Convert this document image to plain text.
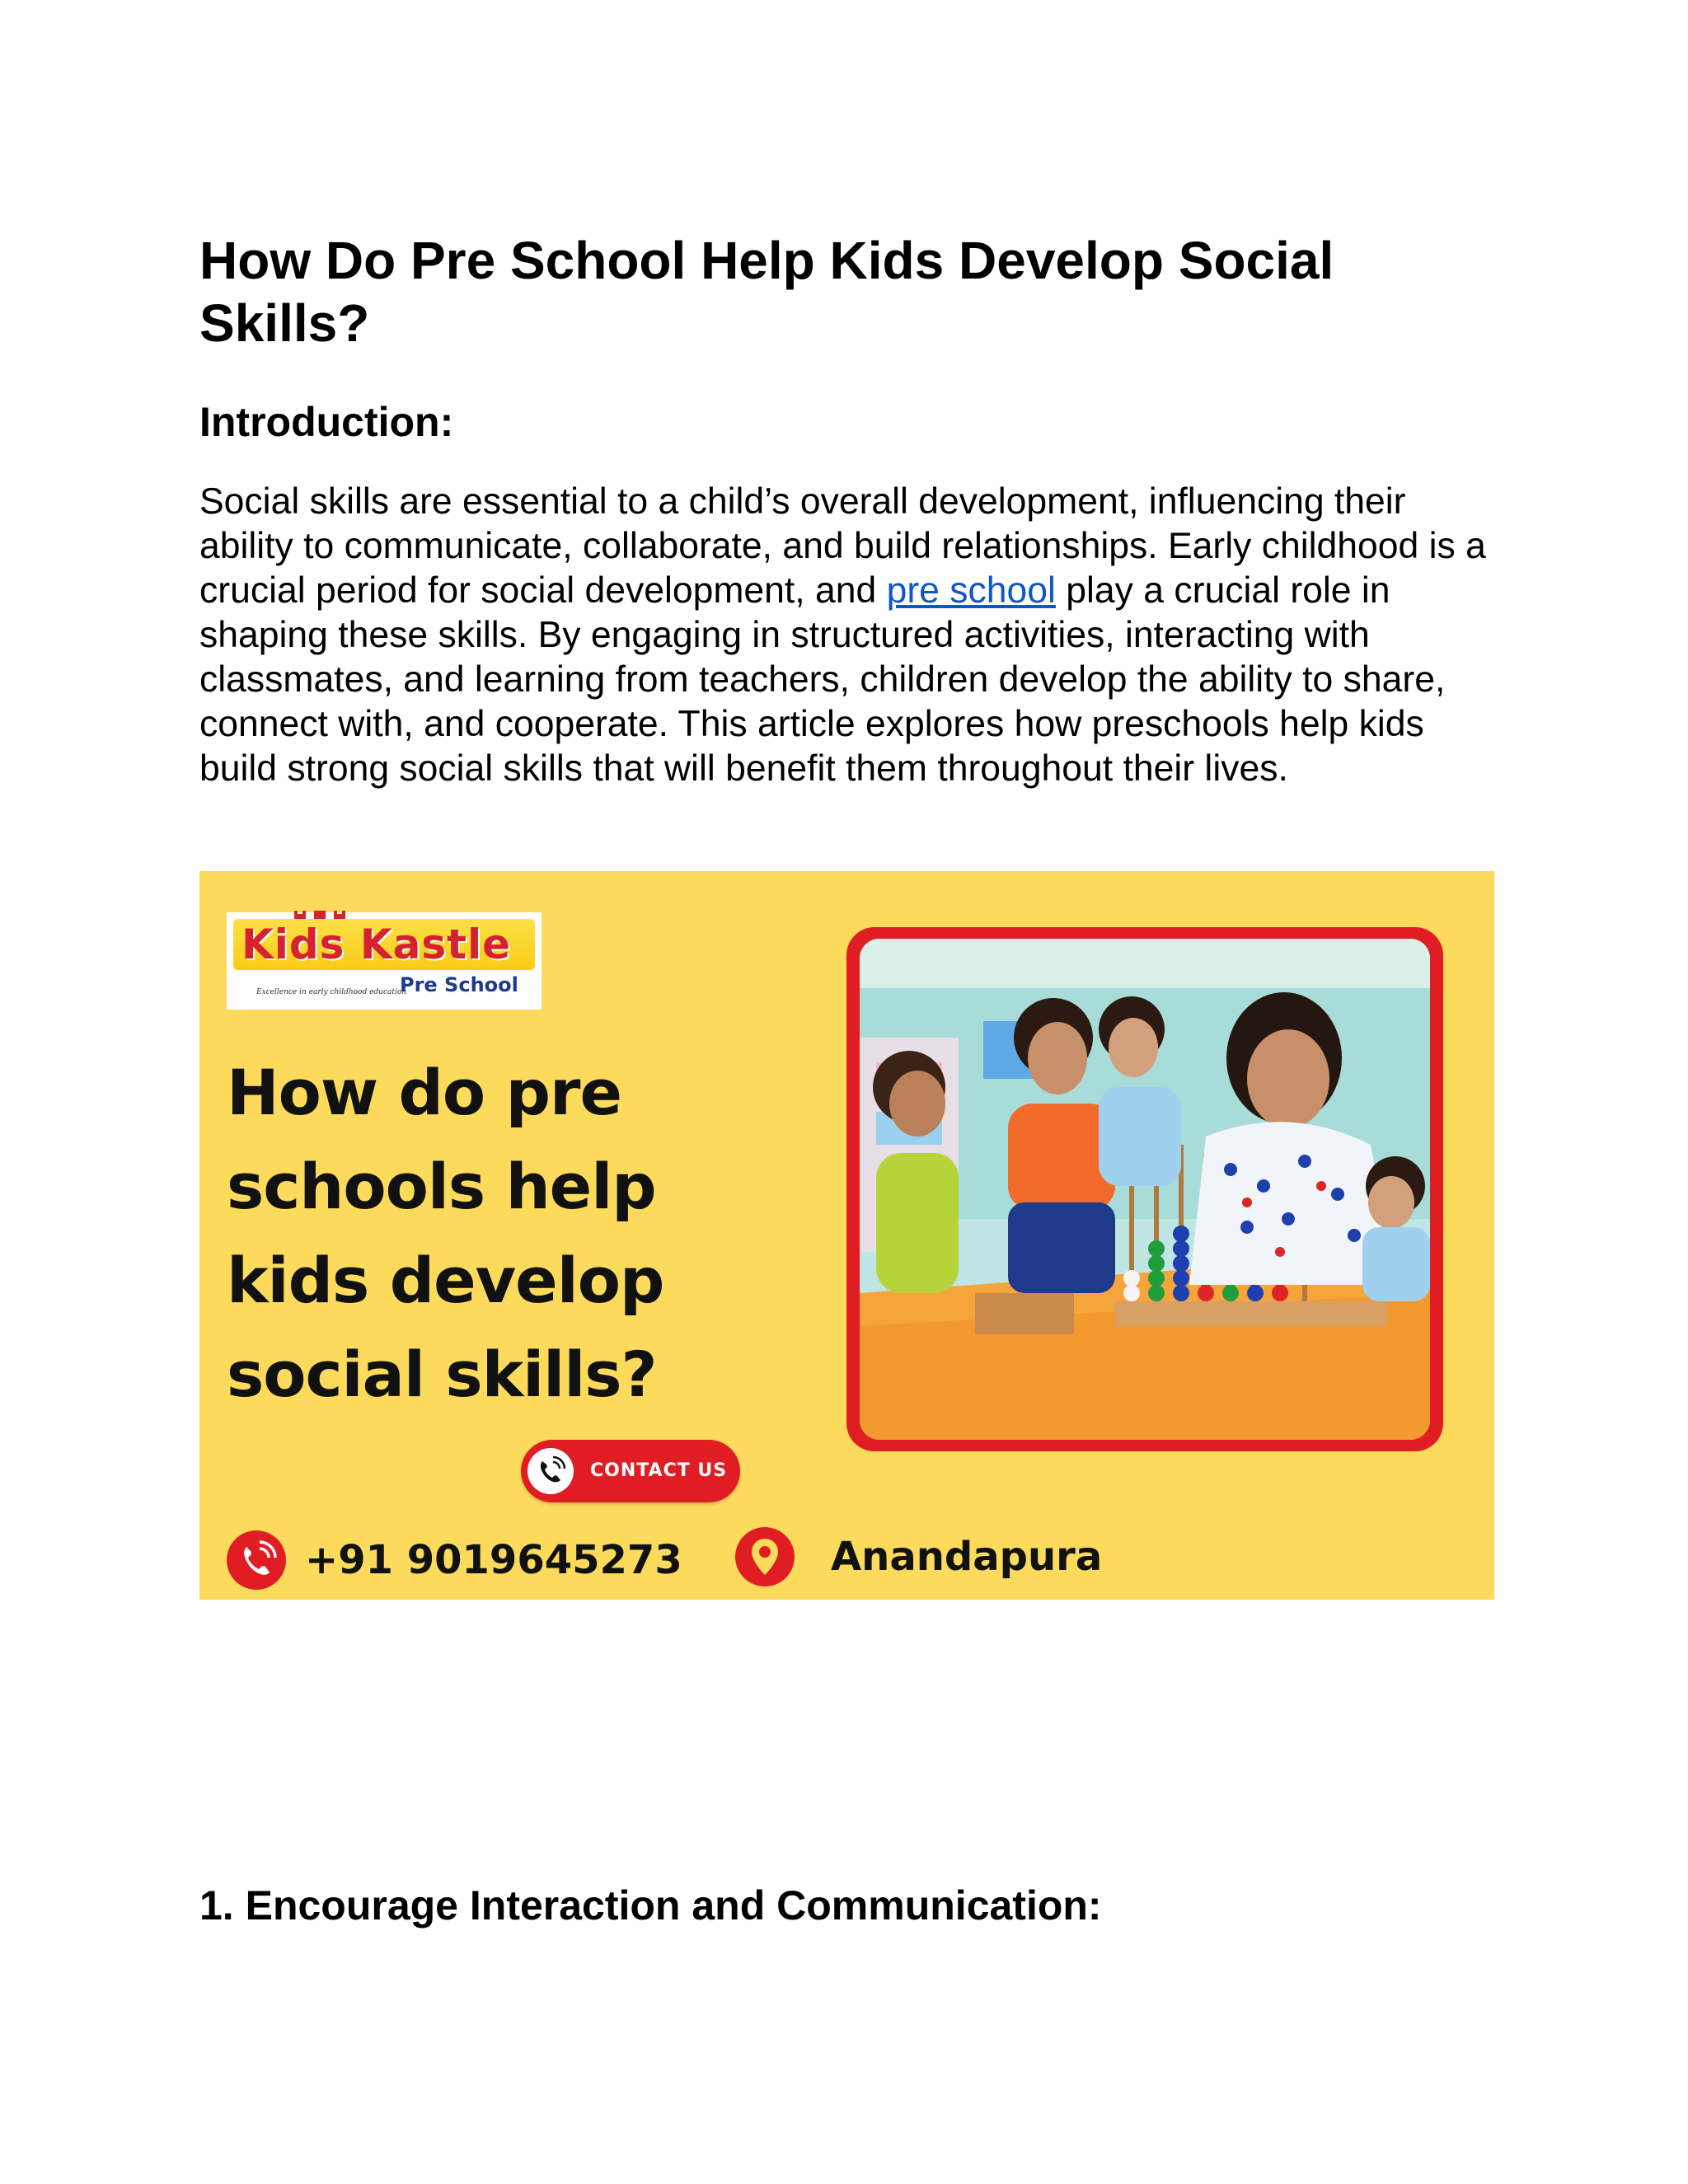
How Do Pre School Help Kids Develop Social Skills?
Introduction:

Social skills are essential to a child’s overall development, influencing their ability to communicate, collaborate, and build relationships. Early childhood is a crucial period for social development, and pre school play a crucial role in shaping these skills. By engaging in structured activities, interacting with classmates, and learning from teachers, children develop the ability to share, connect with, and cooperate. This article explores how preschools help kids build strong social skills that will benefit them throughout their lives.

Kids Kastle
Excellence in early childhood education
Pre School

How do pre schools help kids develop social skills?

CONTACT US
+91 9019645273	Anandapura
1. Encourage Interaction and Communication:
